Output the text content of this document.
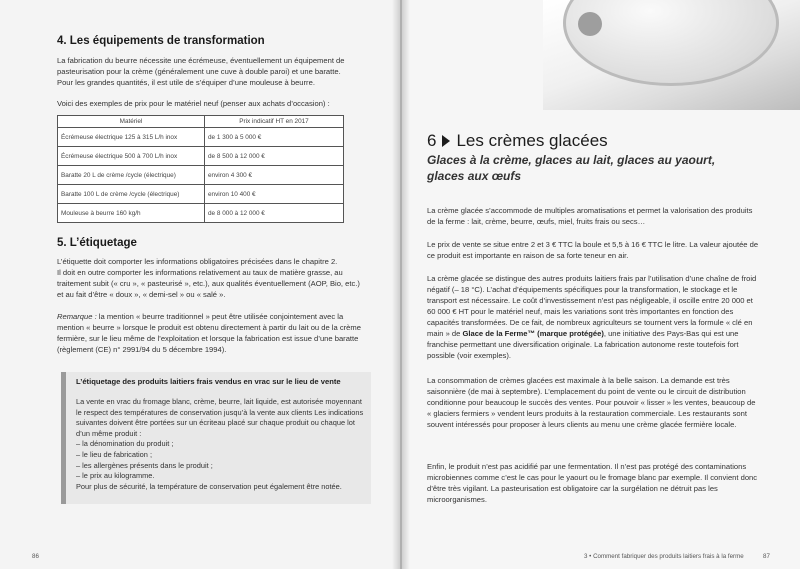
4. Les équipements de transformation

La fabrication du beurre nécessite une écrémeuse, éventuellement un équipement de pasteurisation pour la crème (généralement une cuve à double paroi) et une baratte. Pour les grandes quantités, il est utile de s’équiper d’une mouleuse à beurre.

Voici des exemples de prix pour le matériel neuf (penser aux achats d’occasion) :

Matériel	Prix indicatif HT en 2017
Écrémeuse électrique 125 à 315 L/h inox	de 1 300 à 5 000 €
Écrémeuse électrique 500 à 700 L/h inox	de 8 500 à 12 000 €
Baratte 20 L de crème /cycle (électrique)	environ 4 300 €
Baratte 100 L de crème /cycle (électrique)	environ 10 400 €
Mouleuse à beurre 160 kg/h	de 8 000 à 12 000 €
5. L’étiquetage

L’étiquette doit comporter les informations obligatoires précisées dans le chapitre 2.

Il doit en outre comporter les informations relativement au taux de matière grasse, au traitement subit (« cru », « pasteurisé », etc.), aux qualités éventuellement (AOP, Bio, etc.) et au fait d’être « doux », « demi-sel » ou « salé ».

Remarque : la mention « beurre traditionnel » peut être utilisée conjointement avec la mention « beurre » lorsque le produit est obtenu directement à partir du lait ou de la crème fermière, sur le lieu même de l’exploitation et lorsque la fabrication est issue d’une baratte (règlement (CE) n° 2991/94 du 5 décembre 1994).

L’étiquetage des produits laitiers frais vendus en vrac sur le lieu de vente
La vente en vrac du fromage blanc, crème, beurre, lait liquide, est autorisée moyennant le respect des températures de conservation jusqu’à la vente aux clients Les indications suivantes doivent être portées sur un écriteau placé sur chaque produit ou chaque lot d’un même produit :
– la dénomination du produit ;
– le lieu de fabrication ;
– les allergènes présents dans le produit ;
– le prix au kilogramme.
Pour plus de sécurité, la température de conservation peut également être notée.
86
6 Les crèmes glacées
Glaces à la crème, glaces au lait, glaces au yaourt, glaces aux œufs

La crème glacée s’accommode de multiples aromatisations et permet la valorisation des produits de la ferme : lait, crème, beurre, œufs, miel, fruits frais ou secs…

Le prix de vente se situe entre 2 et 3 € TTC la boule et 5,5 à 16 € TTC le litre. La valeur ajoutée de ce produit est importante en raison de sa forte teneur en air.

La crème glacée se distingue des autres produits laitiers frais par l’utilisation d’une chaîne de froid négatif (– 18 °C). L’achat d’équipements spécifiques pour la transformation, le stockage et le transport est nécessaire. Le coût d’investissement n’est pas négligeable, il oscille entre 20 000 et 60 000 € HT pour le matériel neuf, mais les variations sont très importantes en fonction des capacités transformées. De ce fait, de nombreux agriculteurs se tournent vers la formule « clé en main » de Glace de la Ferme™ (marque protégée), une initiative des Pays-Bas qui est une franchise permettant une diversification originale. La fabrication autonome reste toutefois fort possible (voir exemples).

La consommation de crèmes glacées est maximale à la belle saison. La demande est très saisonnière (de mai à septembre). L’emplacement du point de vente ou le circuit de distribution conditionne pour beaucoup le succès des ventes. Pour pouvoir « lisser » les ventes, beaucoup de « glaciers fermiers » vendent leurs produits à la restauration commerciale. Les restaurants sont souvent intéressés pour proposer à leurs clients au menu une crème glacée fermière locale.

Enfin, le produit n’est pas acidifié par une fermentation. Il n’est pas protégé des contaminations microbiennes comme c’est le cas pour le yaourt ou le fromage blanc par exemple. Il convient donc d’être très vigilant. La pasteurisation est obligatoire car la surgélation ne détruit pas les microorganismes.

3 • Comment fabriquer des produits laitiers frais à la ferme	87
